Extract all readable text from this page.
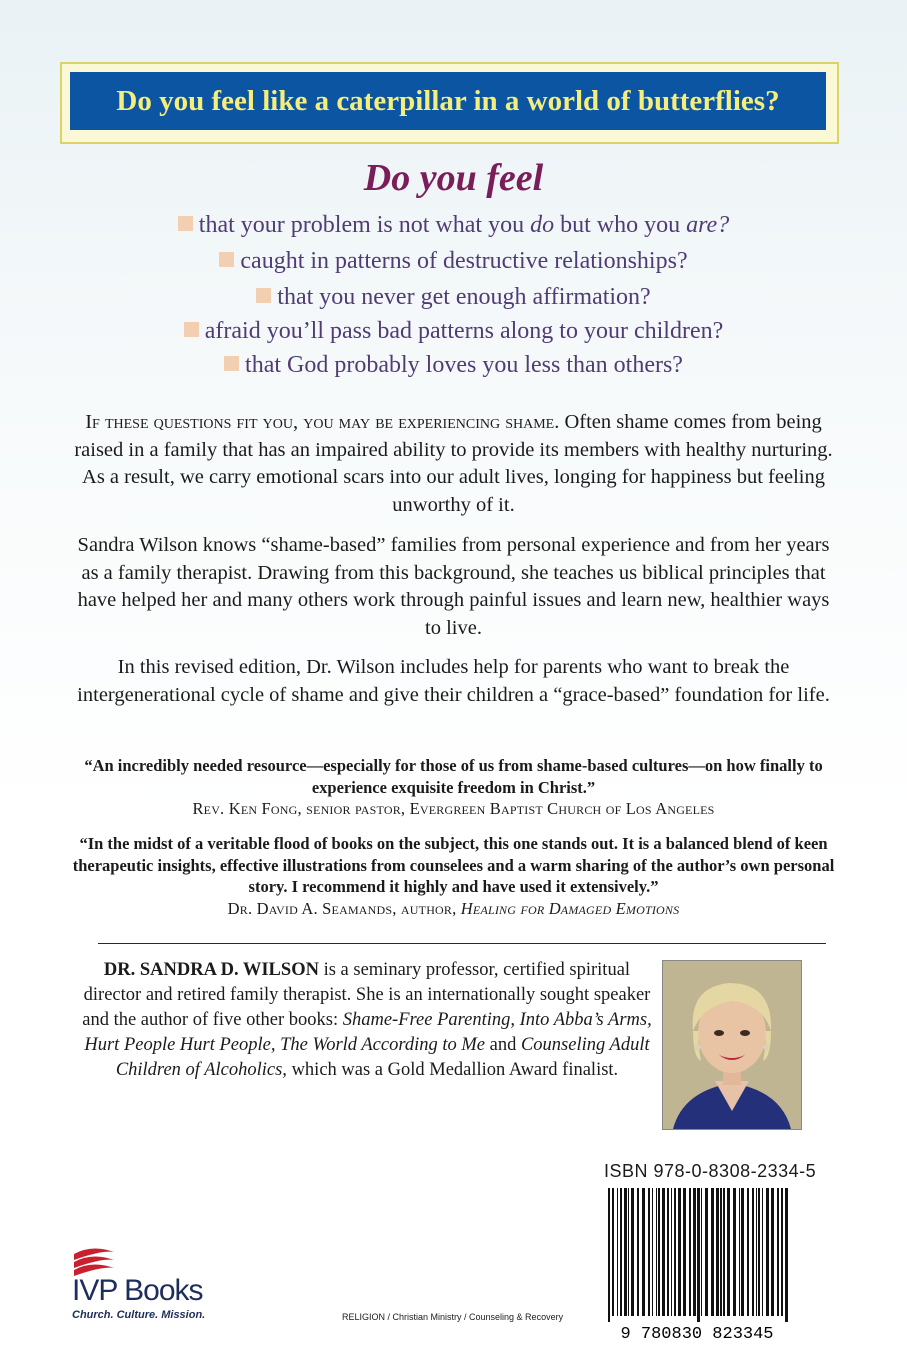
Do you feel like a caterpillar in a world of butterflies?
Do you feel
that your problem is not what you do but who you are?
caught in patterns of destructive relationships?
that you never get enough affirmation?
afraid you’ll pass bad patterns along to your children?
that God probably loves you less than others?
If these questions fit you, you may be experiencing shame. Often shame comes from being raised in a family that has an impaired ability to provide its members with healthy nurturing. As a result, we carry emotional scars into our adult lives, longing for happiness but feeling unworthy of it.
Sandra Wilson knows “shame-based” families from personal experience and from her years as a family therapist. Drawing from this background, she teaches us biblical principles that have helped her and many others work through painful issues and learn new, healthier ways to live.
In this revised edition, Dr. Wilson includes help for parents who want to break the intergenerational cycle of shame and give their children a “grace-based” foundation for life.
“An incredibly needed resource—especially for those of us from shame-based cultures—on how finally to experience exquisite freedom in Christ.”
Rev. Ken Fong, senior pastor, Evergreen Baptist Church of Los Angeles
“In the midst of a veritable flood of books on the subject, this one stands out. It is a balanced blend of keen therapeutic insights, effective illustrations from counselees and a warm sharing of the author’s own personal story. I recommend it highly and have used it extensively.”
Dr. David A. Seamands, author, Healing for Damaged Emotions
DR. SANDRA D. WILSON is a seminary professor, certified spiritual director and retired family therapist. She is an internationally sought speaker and the author of five other books: Shame-Free Parenting, Into Abba’s Arms, Hurt People Hurt People, The World According to Me and Counseling Adult Children of Alcoholics, which was a Gold Medallion Award finalist.
ISBN 978-0-8308-2334-5
9 780830 823345
RELIGION / Christian Ministry / Counseling & Recovery
IVP Books
Church. Culture. Mission.
